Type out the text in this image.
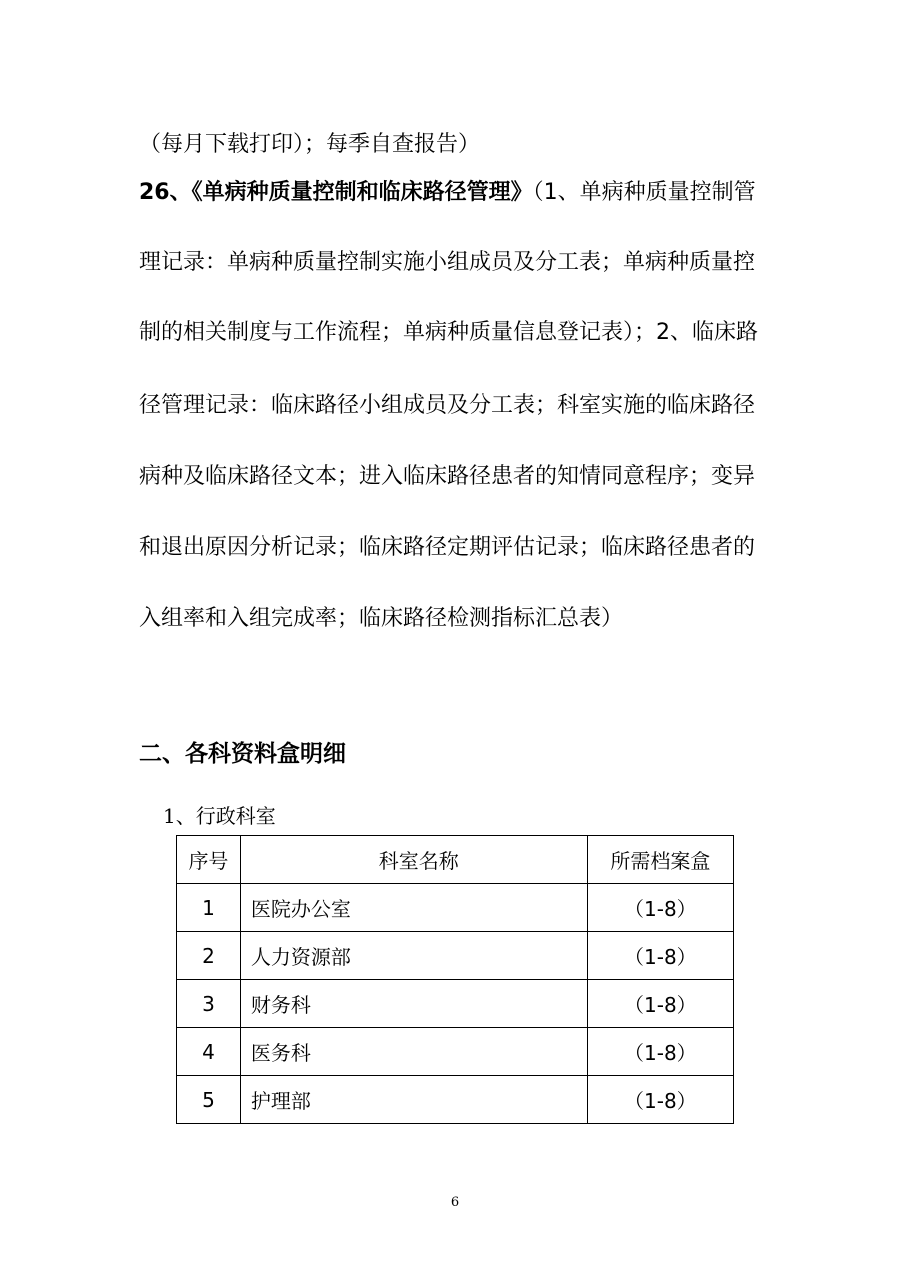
（每月下载打印）；每季自查报告）
26、《单病种质量控制和临床路径管理》（1、单病种质量控制管
理记录：单病种质量控制实施小组成员及分工表；单病种质量控
制的相关制度与工作流程；单病种质量信息登记表）；2、临床路
径管理记录：临床路径小组成员及分工表；科室实施的临床路径
病种及临床路径文本；进入临床路径患者的知情同意程序；变异
和退出原因分析记录；临床路径定期评估记录；临床路径患者的
入组率和入组完成率；临床路径检测指标汇总表）
二、各科资料盒明细
1、行政科室
序号	科室名称	所需档案盒
1	医院办公室	（1-8）
2	人力资源部	（1-8）
3	财务科	（1-8）
4	医务科	（1-8）
5	护理部	（1-8）
6
